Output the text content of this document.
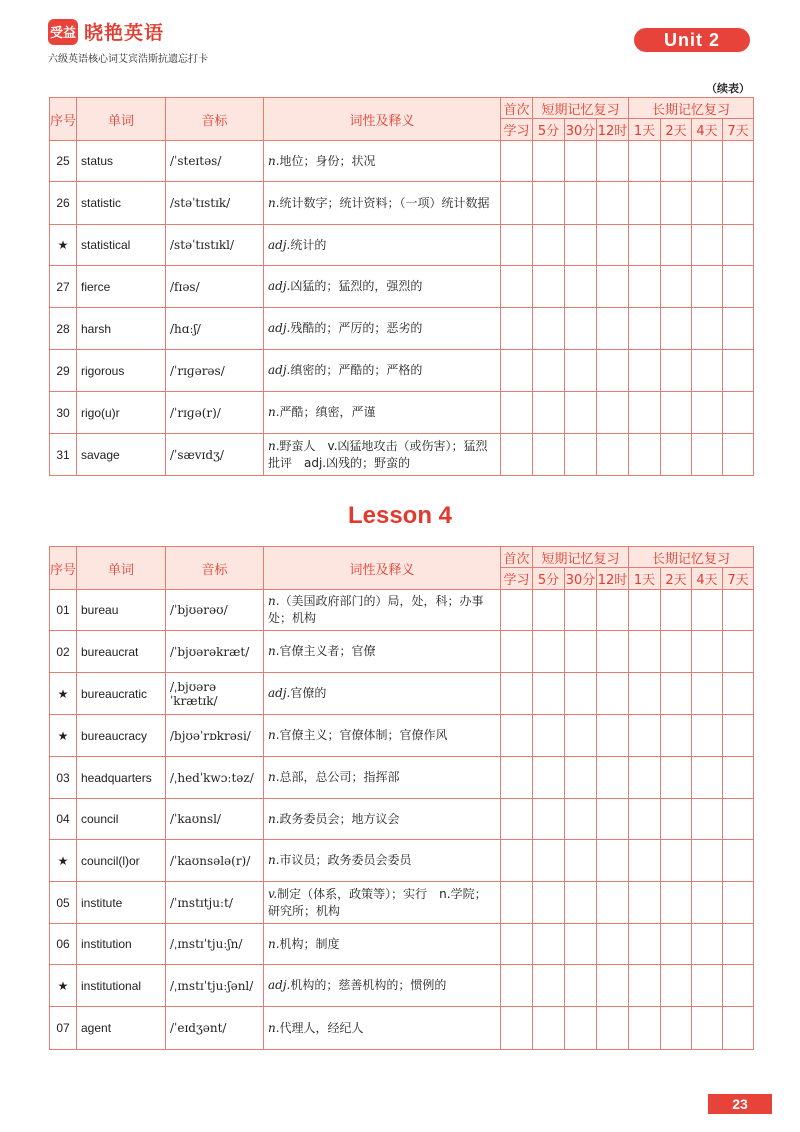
受益 晓艳英语
六级英语核心词艾宾浩斯抗遗忘打卡
Unit 2
（续表）
序号	单词	音标	词性及释义	首次	短期记忆复习			长期记忆复习			
				学习	5分	30分	12时	1天	2天	4天	7天
25	status	/ˈsteɪtəs/	n.地位；身份；状况								
26	statistic	/stəˈtɪstɪk/	n.统计数字；统计资料；（一项）统计数据								
★	statistical	/stəˈtɪstɪkl/	adj.统计的								
27	fierce	/fɪəs/	adj.凶猛的；猛烈的，强烈的								
28	harsh	/hɑːʃ/	adj.残酷的；严厉的；恶劣的								
29	rigorous	/ˈrɪɡərəs/	adj.缜密的；严酷的；严格的								
30	rigo(u)r	/ˈrɪɡə(r)/	n.严酷；缜密，严谨								
31	savage	/ˈsævɪdʒ/	n.野蛮人　v.凶猛地攻击（或伤害）；猛烈批评　adj.凶残的；野蛮的								
Lesson 4
序号	单词	音标	词性及释义	首次	短期记忆复习			长期记忆复习			
				学习	5分	30分	12时	1天	2天	4天	7天
01	bureau	/ˈbjʊərəʊ/	n.（美国政府部门的）局，处，科；办事处；机构								
02	bureaucrat	/ˈbjʊərəkræt/	n.官僚主义者；官僚								
★	bureaucratic	/ˌbjʊərəˈkrætɪk/	adj.官僚的								
★	bureaucracy	/bjʊəˈrɒkrəsi/	n.官僚主义；官僚体制；官僚作风								
03	headquarters	/ˌhedˈkwɔːtəz/	n.总部，总公司；指挥部								
04	council	/ˈkaʊnsl/	n.政务委员会；地方议会								
★	council(l)or	/ˈkaʊnsələ(r)/	n.市议员；政务委员会委员								
05	institute	/ˈɪnstɪtjuːt/	v.制定（体系，政策等）；实行　n.学院；研究所；机构								
06	institution	/ˌɪnstɪˈtjuːʃn/	n.机构；制度								
★	institutional	/ˌɪnstɪˈtjuːʃənl/	adj.机构的；慈善机构的；惯例的								
07	agent	/ˈeɪdʒənt/	n.代理人，经纪人								
23
